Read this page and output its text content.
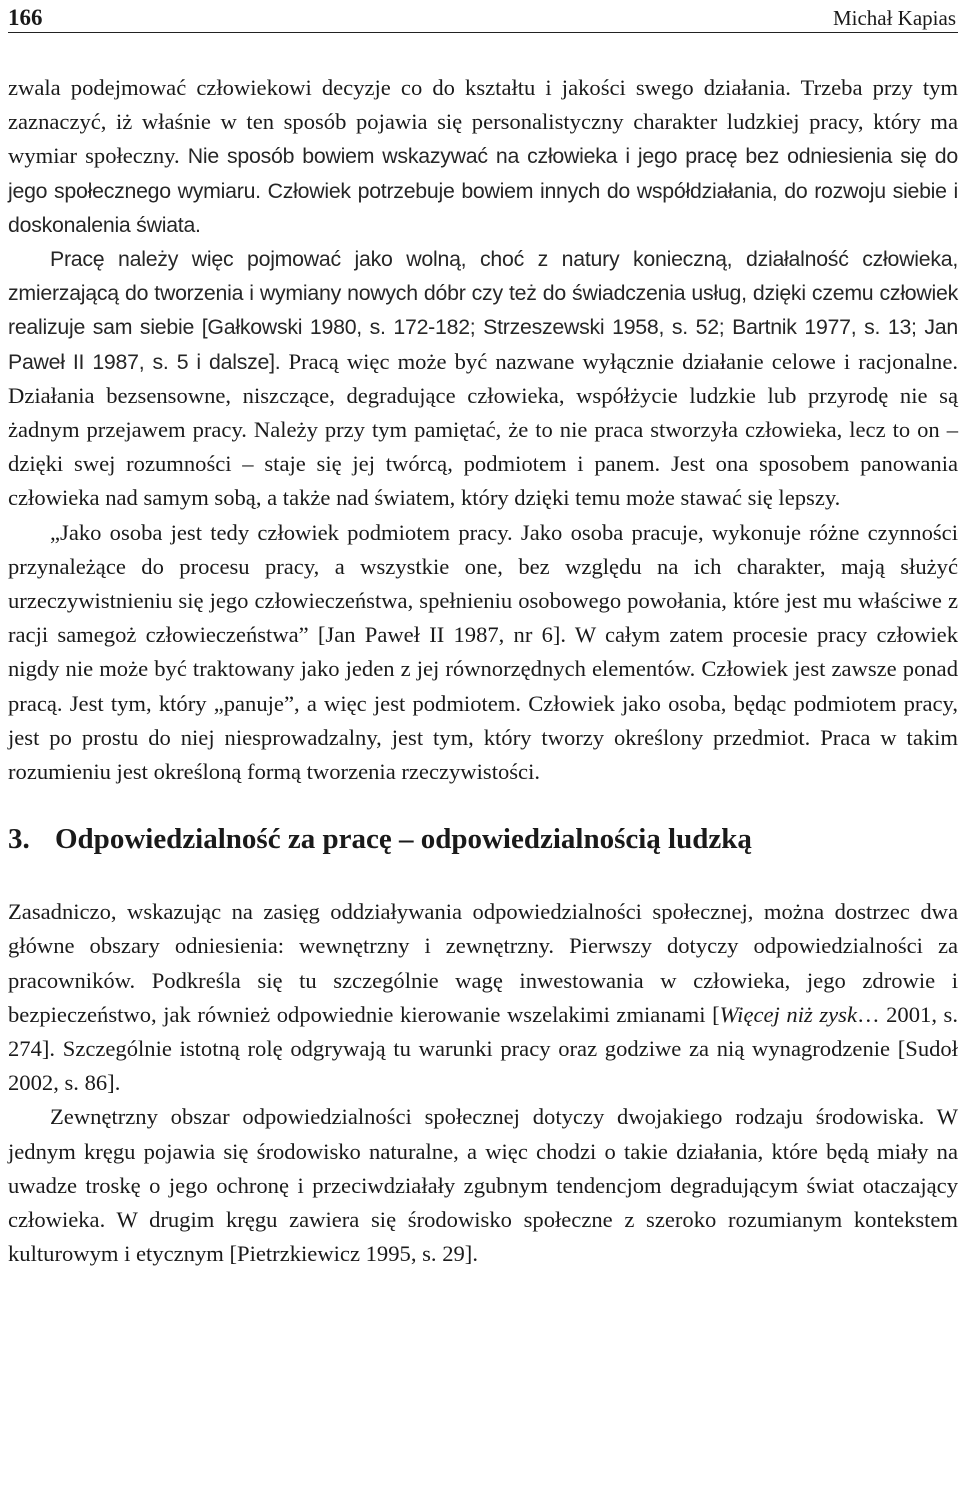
166	Michał Kapias

zwala podejmować człowiekowi decyzje co do kształtu i jakości swego działania. Trzeba przy tym zaznaczyć, iż właśnie w ten sposób pojawia się personalistyczny charakter ludzkiej pracy, który ma wymiar społeczny. Nie sposób bowiem wskazywać na człowieka i jego pracę bez odniesienia się do jego społecznego wymiaru. Człowiek potrzebuje bowiem innych do współdziałania, do rozwoju siebie i doskonalenia świata.

Pracę należy więc pojmować jako wolną, choć z natury konieczną, działalność człowieka, zmierzającą do tworzenia i wymiany nowych dóbr czy też do świadczenia usług, dzięki czemu człowiek realizuje sam siebie [Gałkowski 1980, s. 172-182; Strzeszewski 1958, s. 52; Bartnik 1977, s. 13; Jan Paweł II 1987, s. 5 i dalsze]. Pracą więc może być nazwane wyłącznie działanie celowe i racjonalne. Działania bezsensowne, niszczące, degradujące człowieka, współżycie ludzkie lub przyrodę nie są żadnym przejawem pracy. Należy przy tym pamiętać, że to nie praca stworzyła człowieka, lecz to on – dzięki swej rozumności – staje się jej twórcą, podmiotem i panem. Jest ona sposobem panowania człowieka nad samym sobą, a także nad światem, który dzięki temu może stawać się lepszy.

„Jako osoba jest tedy człowiek podmiotem pracy. Jako osoba pracuje, wykonuje różne czynności przynależące do procesu pracy, a wszystkie one, bez względu na ich charakter, mają służyć urzeczywistnieniu się jego człowieczeństwa, spełnieniu osobowego powołania, które jest mu właściwe z racji samegoż człowieczeństwa” [Jan Paweł II 1987, nr 6]. W całym zatem procesie pracy człowiek nigdy nie może być traktowany jako jeden z jej równorzędnych elementów. Człowiek jest zawsze ponad pracą. Jest tym, który „panuje”, a więc jest podmiotem. Człowiek jako osoba, będąc podmiotem pracy, jest po prostu do niej niesprowadzalny, jest tym, który tworzy określony przedmiot. Praca w takim rozumieniu jest określoną formą tworzenia rzeczywistości.

3. Odpowiedzialność za pracę – odpowiedzialnością ludzką

Zasadniczo, wskazując na zasięg oddziaływania odpowiedzialności społecznej, można dostrzec dwa główne obszary odniesienia: wewnętrzny i zewnętrzny. Pierwszy dotyczy odpowiedzialności za pracowników. Podkreśla się tu szczególnie wagę inwestowania w człowieka, jego zdrowie i bezpieczeństwo, jak również odpowiednie kierowanie wszelakimi zmianami [Więcej niż zysk… 2001, s. 274]. Szczególnie istotną rolę odgrywają tu warunki pracy oraz godziwe za nią wynagrodzenie [Sudoł 2002, s. 86].

Zewnętrzny obszar odpowiedzialności społecznej dotyczy dwojakiego rodzaju środowiska. W jednym kręgu pojawia się środowisko naturalne, a więc chodzi o takie działania, które będą miały na uwadze troskę o jego ochronę i przeciwdziałały zgubnym tendencjom degradującym świat otaczający człowieka. W drugim kręgu zawiera się środowisko społeczne z szeroko rozumianym kontekstem kulturowym i etycznym [Pietrzkiewicz 1995, s. 29].
